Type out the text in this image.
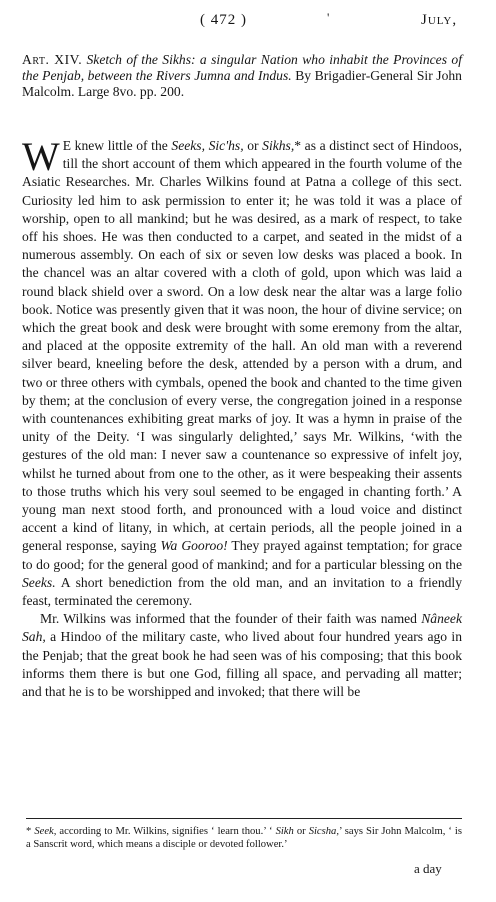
( 472 )	'	July,
Art. XIV. Sketch of the Sikhs: a singular Nation who inhabit the Provinces of the Penjab, between the Rivers Jumna and Indus. By Brigadier-General Sir John Malcolm. Large 8vo. pp. 200.

W E knew little of the Seeks, Sic'hs, or Sikhs,* as a distinct sect of Hindoos, till the short account of them which appeared in the fourth volume of the Asiatic Researches. Mr. Charles Wilkins found at Patna a college of this sect. Curiosity led him to ask permission to enter it; he was told it was a place of worship, open to all mankind; but he was desired, as a mark of respect, to take off his shoes. He was then conducted to a carpet, and seated in the midst of a numerous assembly. On each of six or seven low desks was placed a book. In the chancel was an altar covered with a cloth of gold, upon which was laid a round black shield over a sword. On a low desk near the altar was a large folio book. Notice was presently given that it was noon, the hour of divine service; on which the great book and desk were brought with some eremony from the altar, and placed at the opposite extremity of the hall. An old man with a reverend silver beard, kneeling before the desk, attended by a person with a drum, and two or three others with cymbals, opened the book and chanted to the time given by them; at the conclusion of every verse, the congregation joined in a response with countenances exhibiting great marks of joy. It was a hymn in praise of the unity of the Deity. ‘I was singularly delighted,’ says Mr. Wilkins, ‘with the gestures of the old man: I never saw a countenance so expressive of infelt joy, whilst he turned about from one to the other, as it were bespeaking their assents to those truths which his very soul seemed to be engaged in chanting forth.’ A young man next stood forth, and pronounced with a loud voice and distinct accent a kind of litany, in which, at certain periods, all the people joined in a general response, saying Wa Gooroo! They prayed against temptation; for grace to do good; for the general good of mankind; and for a particular blessing on the Seeks. A short benediction from the old man, and an invitation to a friendly feast, terminated the ceremony.

Mr. Wilkins was informed that the founder of their faith was named Nâneek Sah, a Hindoo of the military caste, who lived about four hundred years ago in the Penjab; that the great book he had seen was of his composing; that this book informs them there is but one God, filling all space, and pervading all matter; and that he is to be worshipped and invoked; that there will be

* Seek, according to Mr. Wilkins, signifies ‘ learn thou.’ ‘ Sikh or Sicsha,’ says Sir John Malcolm, ‘ is a Sanscrit word, which means a disciple or devoted follower.’
a day
